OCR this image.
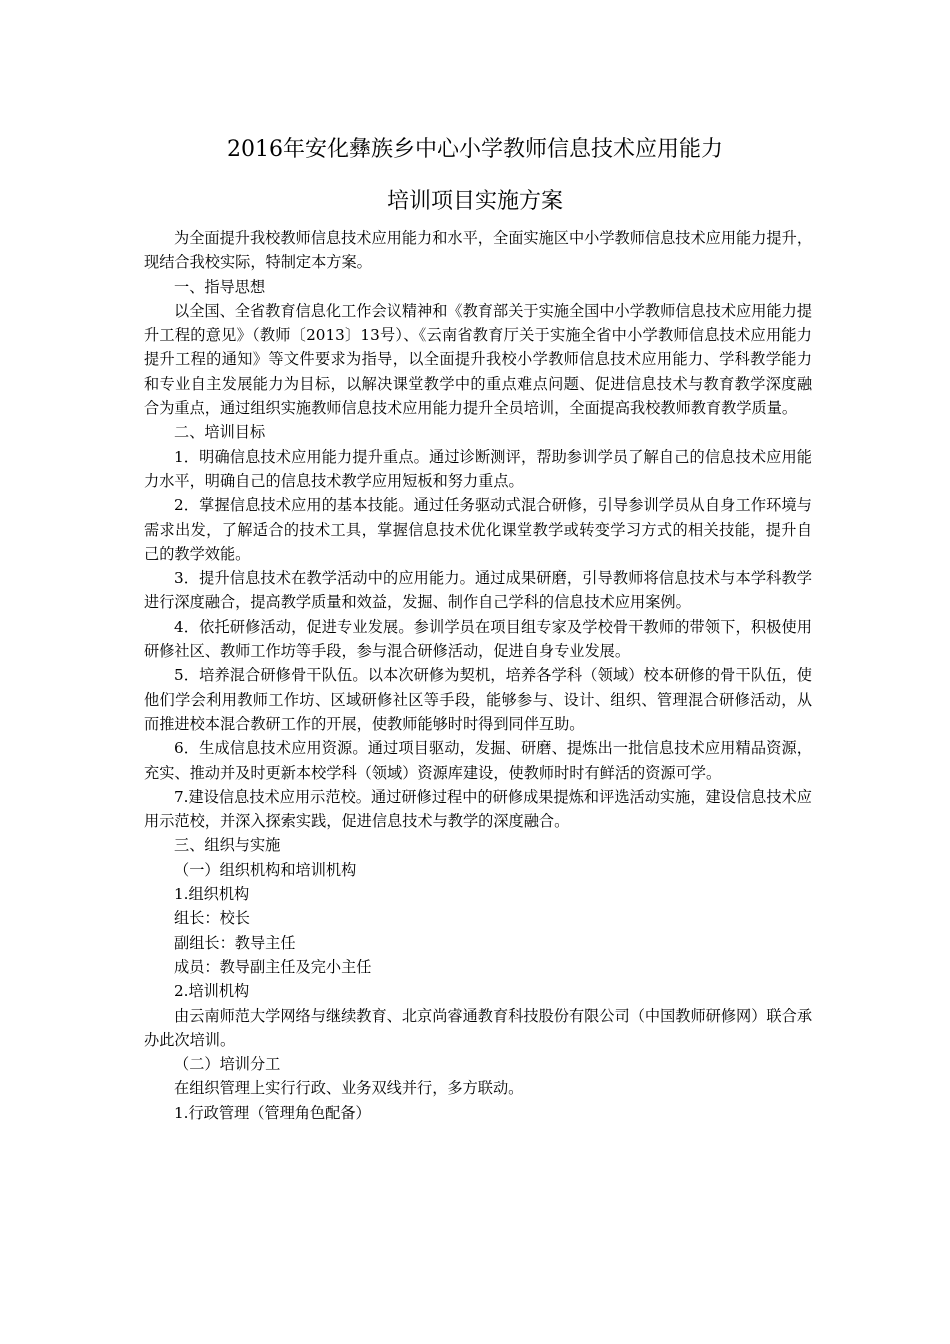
2016年安化彝族乡中心小学教师信息技术应用能力
培训项目实施方案

为全面提升我校教师信息技术应用能力和水平，全面实施区中小学教师信息技术应用能力提升，现结合我校实际，特制定本方案。

一、指导思想

以全国、全省教育信息化工作会议精神和《教育部关于实施全国中小学教师信息技术应用能力提升工程的意见》（教师〔2013〕13号）、《云南省教育厅关于实施全省中小学教师信息技术应用能力提升工程的通知》等文件要求为指导，以全面提升我校小学教师信息技术应用能力、学科教学能力和专业自主发展能力为目标，以解决课堂教学中的重点难点问题、促进信息技术与教育教学深度融合为重点，通过组织实施教师信息技术应用能力提升全员培训，全面提高我校教师教育教学质量。

二、培训目标

1．明确信息技术应用能力提升重点。通过诊断测评，帮助参训学员了解自己的信息技术应用能力水平，明确自己的信息技术教学应用短板和努力重点。

2．掌握信息技术应用的基本技能。通过任务驱动式混合研修，引导参训学员从自身工作环境与需求出发，了解适合的技术工具，掌握信息技术优化课堂教学或转变学习方式的相关技能，提升自己的教学效能。

3．提升信息技术在教学活动中的应用能力。通过成果研磨，引导教师将信息技术与本学科教学进行深度融合，提高教学质量和效益，发掘、制作自己学科的信息技术应用案例。

4．依托研修活动，促进专业发展。参训学员在项目组专家及学校骨干教师的带领下，积极使用研修社区、教师工作坊等手段，参与混合研修活动，促进自身专业发展。

5．培养混合研修骨干队伍。以本次研修为契机，培养各学科（领域）校本研修的骨干队伍，使他们学会利用教师工作坊、区域研修社区等手段，能够参与、设计、组织、管理混合研修活动，从而推进校本混合教研工作的开展，使教师能够时时得到同伴互助。

6．生成信息技术应用资源。通过项目驱动，发掘、研磨、提炼出一批信息技术应用精品资源，充实、推动并及时更新本校学科（领域）资源库建设，使教师时时有鲜活的资源可学。

7.建设信息技术应用示范校。通过研修过程中的研修成果提炼和评选活动实施，建设信息技术应用示范校，并深入探索实践，促进信息技术与教学的深度融合。

三、组织与实施

（一）组织机构和培训机构

1.组织机构

组长：校长

副组长：教导主任

成员：教导副主任及完小主任

2.培训机构

由云南师范大学网络与继续教育、北京尚睿通教育科技股份有限公司（中国教师研修网）联合承办此次培训。

（二）培训分工

在组织管理上实行行政、业务双线并行，多方联动。

1.行政管理（管理角色配备）
